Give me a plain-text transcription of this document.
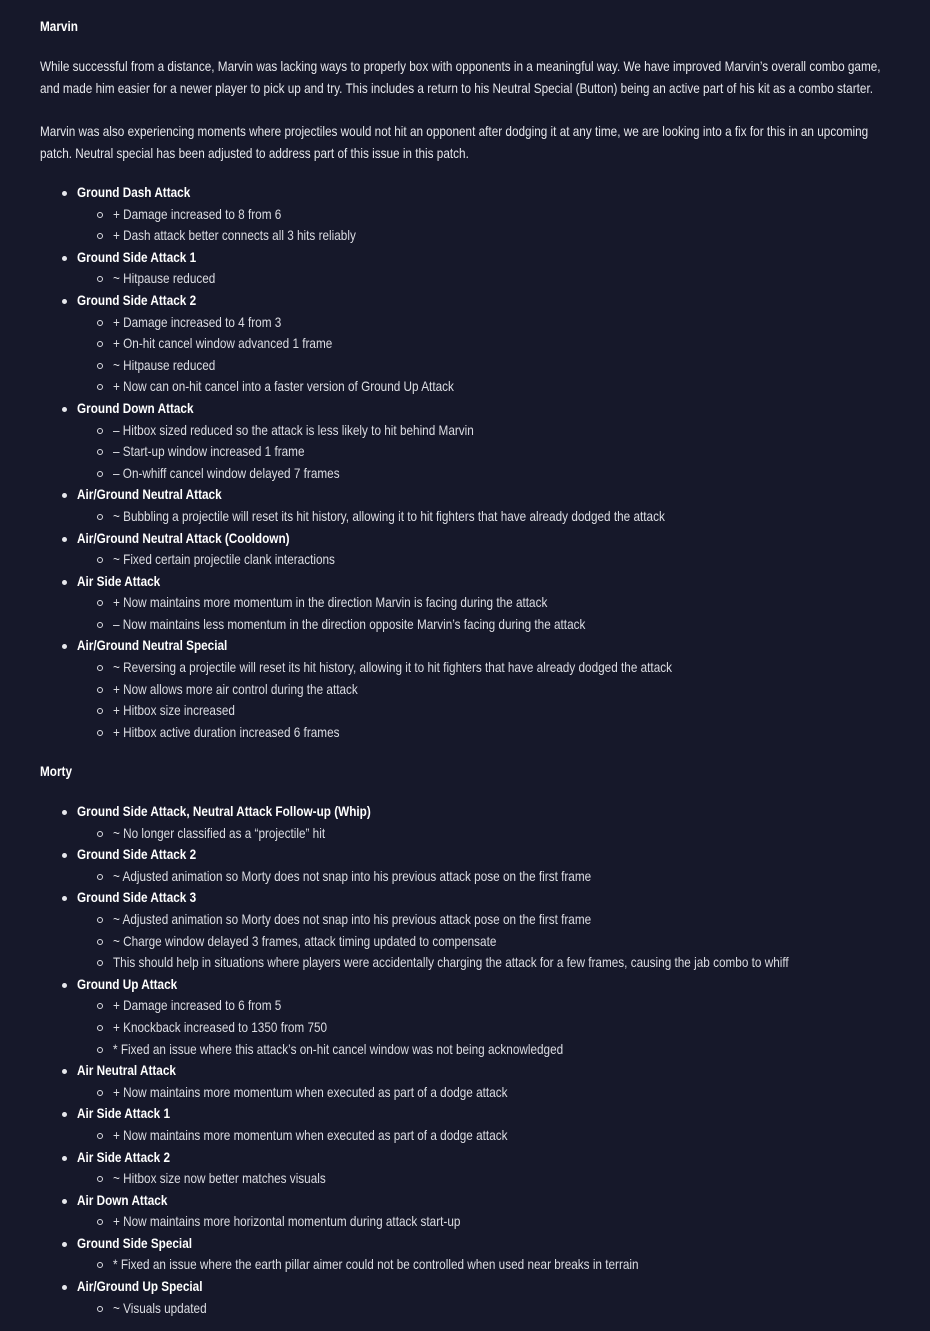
Marvin
While successful from a distance, Marvin was lacking ways to properly box with opponents in a meaningful way. We have improved Marvin’s overall combo game,
and made him easier for a newer player to pick up and try. This includes a return to his Neutral Special (Button) being an active part of his kit as a combo starter.
Marvin was also experiencing moments where projectiles would not hit an opponent after dodging it at any time, we are looking into a fix for this in an upcoming
patch. Neutral special has been adjusted to address part of this issue in this patch.
Ground Dash Attack
+ Damage increased to 8 from 6
+ Dash attack better connects all 3 hits reliably
Ground Side Attack 1
~ Hitpause reduced
Ground Side Attack 2
+ Damage increased to 4 from 3
+ On-hit cancel window advanced 1 frame
~ Hitpause reduced
+ Now can on-hit cancel into a faster version of Ground Up Attack
Ground Down Attack
– Hitbox sized reduced so the attack is less likely to hit behind Marvin
– Start-up window increased 1 frame
– On-whiff cancel window delayed 7 frames
Air/Ground Neutral Attack
~ Bubbling a projectile will reset its hit history, allowing it to hit fighters that have already dodged the attack
Air/Ground Neutral Attack (Cooldown)
~ Fixed certain projectile clank interactions
Air Side Attack
+ Now maintains more momentum in the direction Marvin is facing during the attack
– Now maintains less momentum in the direction opposite Marvin’s facing during the attack
Air/Ground Neutral Special
~ Reversing a projectile will reset its hit history, allowing it to hit fighters that have already dodged the attack
+ Now allows more air control during the attack
+ Hitbox size increased
+ Hitbox active duration increased 6 frames
Morty
Ground Side Attack, Neutral Attack Follow-up (Whip)
~ No longer classified as a “projectile” hit
Ground Side Attack 2
~ Adjusted animation so Morty does not snap into his previous attack pose on the first frame
Ground Side Attack 3
~ Adjusted animation so Morty does not snap into his previous attack pose on the first frame
~ Charge window delayed 3 frames, attack timing updated to compensate
This should help in situations where players were accidentally charging the attack for a few frames, causing the jab combo to whiff
Ground Up Attack
+ Damage increased to 6 from 5
+ Knockback increased to 1350 from 750
* Fixed an issue where this attack’s on-hit cancel window was not being acknowledged
Air Neutral Attack
+ Now maintains more momentum when executed as part of a dodge attack
Air Side Attack 1
+ Now maintains more momentum when executed as part of a dodge attack
Air Side Attack 2
~ Hitbox size now better matches visuals
Air Down Attack
+ Now maintains more horizontal momentum during attack start-up
Ground Side Special
* Fixed an issue where the earth pillar aimer could not be controlled when used near breaks in terrain
Air/Ground Up Special
~ Visuals updated
